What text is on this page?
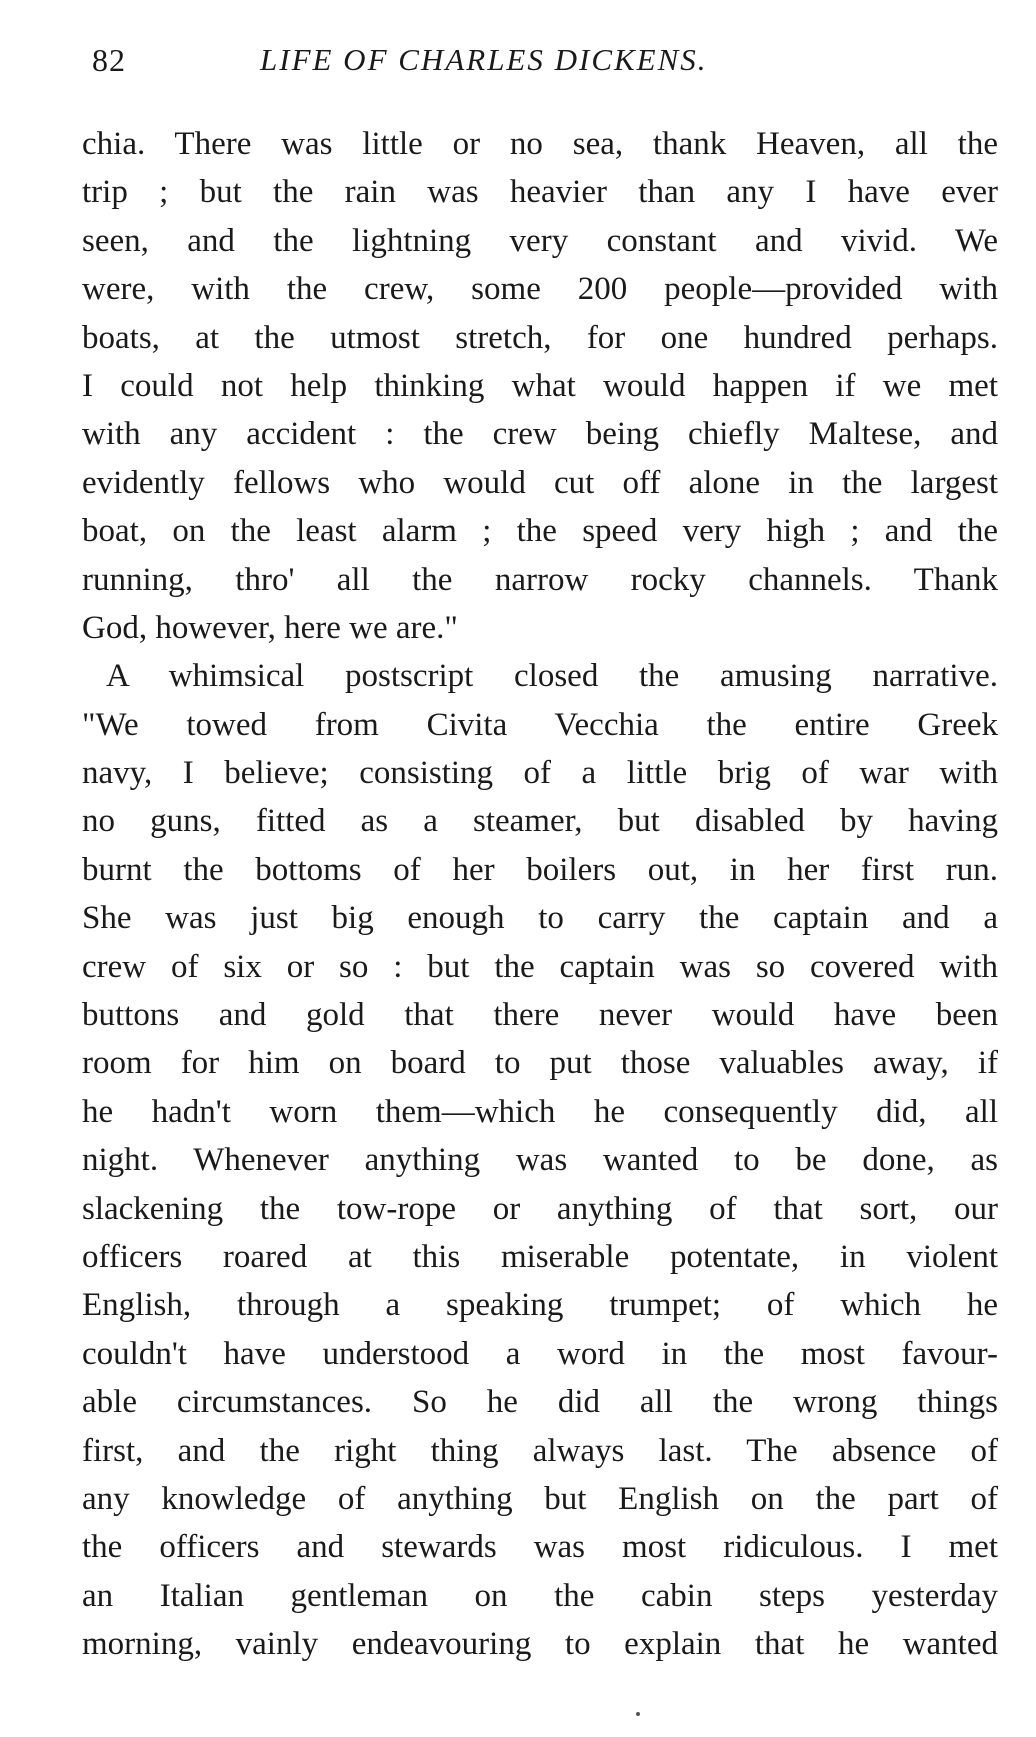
82	LIFE OF CHARLES DICKENS.
chia. There was little or no sea, thank Heaven, all the
trip ; but the rain was heavier than any I have ever
seen, and the lightning very constant and vivid. We
were, with the crew, some 200 people—provided with
boats, at the utmost stretch, for one hundred perhaps.
I could not help thinking what would happen if we met
with any accident : the crew being chiefly Maltese, and
evidently fellows who would cut off alone in the largest
boat, on the least alarm ; the speed very high ; and the
running, thro' all the narrow rocky channels. Thank
God, however, here we are."
A whimsical postscript closed the amusing narrative.
"We towed from Civita Vecchia the entire Greek
navy, I believe; consisting of a little brig of war with
no guns, fitted as a steamer, but disabled by having
burnt the bottoms of her boilers out, in her first run.
She was just big enough to carry the captain and a
crew of six or so : but the captain was so covered with
buttons and gold that there never would have been
room for him on board to put those valuables away, if
he hadn't worn them—which he consequently did, all
night. Whenever anything was wanted to be done, as
slackening the tow-rope or anything of that sort, our
officers roared at this miserable potentate, in violent
English, through a speaking trumpet; of which he
couldn't have understood a word in the most favour-
able circumstances. So he did all the wrong things
first, and the right thing always last. The absence of
any knowledge of anything but English on the part of
the officers and stewards was most ridiculous. I met
an Italian gentleman on the cabin steps yesterday
morning, vainly endeavouring to explain that he wanted
